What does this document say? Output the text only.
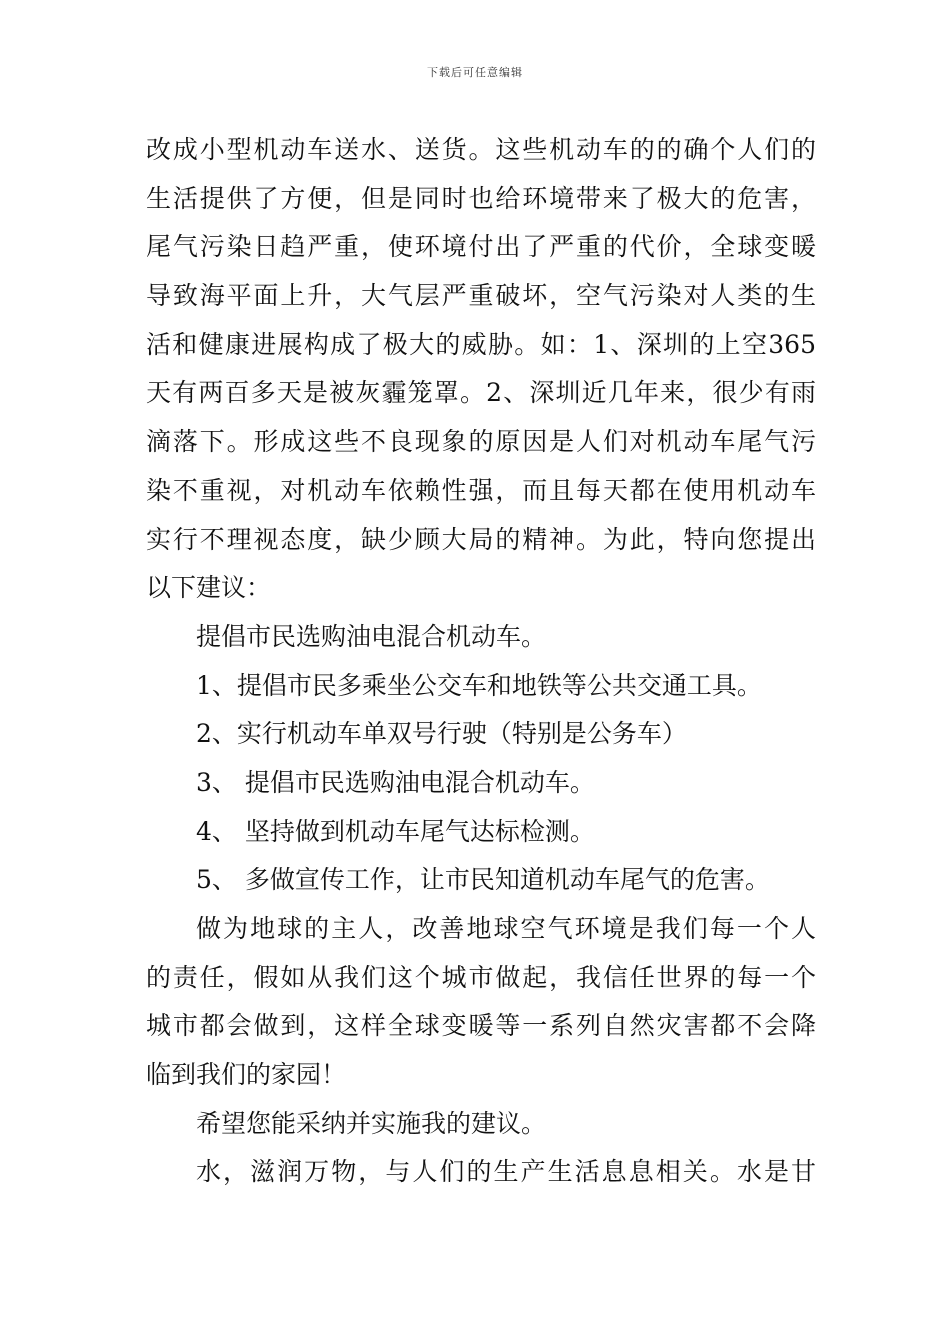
下载后可任意编辑
改成小型机动车送水、送货。这些机动车的的确个人们的
生活提供了方便，但是同时也给环境带来了极大的危害，
尾气污染日趋严重，使环境付出了严重的代价，全球变暖
导致海平面上升，大气层严重破坏，空气污染对人类的生
活和健康进展构成了极大的威胁。如：1、深圳的上空365
天有两百多天是被灰霾笼罩。2、深圳近几年来，很少有雨
滴落下。形成这些不良现象的原因是人们对机动车尾气污
染不重视，对机动车依赖性强，而且每天都在使用机动车
实行不理视态度，缺少顾大局的精神。为此，特向您提出
以下建议：
提倡市民选购油电混合机动车。
1、提倡市民多乘坐公交车和地铁等公共交通工具。
2、实行机动车单双号行驶（特别是公务车）
3、 提倡市民选购油电混合机动车。
4、 坚持做到机动车尾气达标检测。
5、 多做宣传工作，让市民知道机动车尾气的危害。
做为地球的主人，改善地球空气环境是我们每一个人
的责任，假如从我们这个城市做起，我信任世界的每一个
城市都会做到，这样全球变暖等一系列自然灾害都不会降
临到我们的家园！
希望您能采纳并实施我的建议。
水，滋润万物，与人们的生产生活息息相关。水是甘
